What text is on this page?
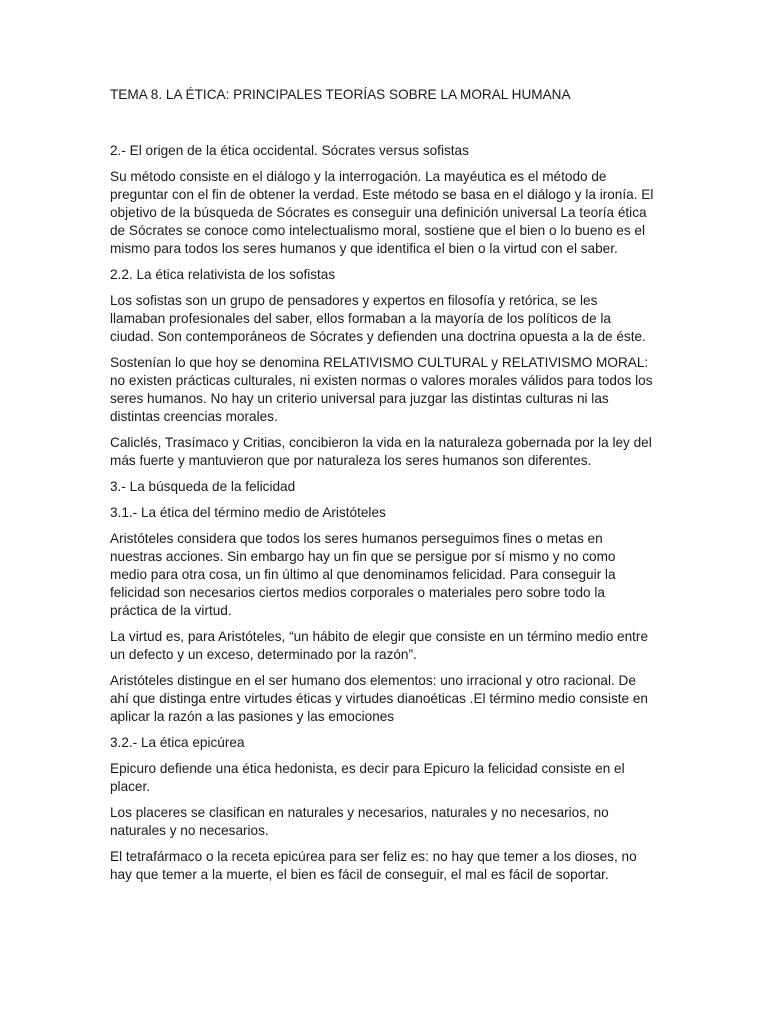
TEMA 8. LA ÉTICA: PRINCIPALES TEORÍAS SOBRE LA MORAL HUMANA

2.- El origen de la ética occidental. Sócrates versus sofistas

Su método consiste en el diálogo y la interrogación. La mayéutica es el método de preguntar con el fin de obtener la verdad. Este método se basa en el diálogo y la ironía. El objetivo de la búsqueda de Sócrates es conseguir una definición universal La teoría ética de Sócrates se conoce como intelectualismo moral, sostiene que el bien o lo bueno es el mismo para todos los seres humanos y que identifica el bien o la virtud con el saber.

2.2. La ética relativista de los sofistas

Los sofistas son un grupo de pensadores y expertos en filosofía y retórica, se les llamaban profesionales del saber, ellos formaban a la mayoría de los políticos de la ciudad. Son contemporáneos de Sócrates y defienden una doctrina opuesta a la de éste.

Sostenían lo que hoy se denomina RELATIVISMO CULTURAL y RELATIVISMO MORAL: no existen prácticas culturales, ni existen normas o valores morales válidos para todos los seres humanos. No hay un criterio universal para juzgar las distintas culturas ni las distintas creencias morales.

Caliclés, Trasímaco y Critias, concibieron la vida en la naturaleza gobernada por la ley del más fuerte y mantuvieron que por naturaleza los seres humanos son diferentes.

3.- La búsqueda de la felicidad

3.1.- La ética del término medio de Aristóteles

Aristóteles considera que todos los seres humanos perseguimos fines o metas en nuestras acciones. Sin embargo hay un fin que se persigue por sí mismo y no como medio para otra cosa, un fin último al que denominamos felicidad. Para conseguir la felicidad son necesarios ciertos medios corporales o materiales pero sobre todo la práctica de la virtud.

La virtud es, para Aristóteles, “un hábito de elegir que consiste en un término medio entre un defecto y un exceso, determinado por la razón”.

Aristóteles distingue en el ser humano dos elementos: uno irracional y otro racional. De ahí que distinga entre virtudes éticas y virtudes dianoéticas .El término medio consiste en aplicar la razón a las pasiones y las emociones

3.2.- La ética epicúrea

Epicuro defiende una ética hedonista, es decir para Epicuro la felicidad consiste en el placer.

Los placeres se clasifican en naturales y necesarios, naturales y no necesarios, no naturales y no necesarios.

El tetrafármaco o la receta epicúrea para ser feliz es: no hay que temer a los dioses, no hay que temer a la muerte, el bien es fácil de conseguir, el mal es fácil de soportar.
